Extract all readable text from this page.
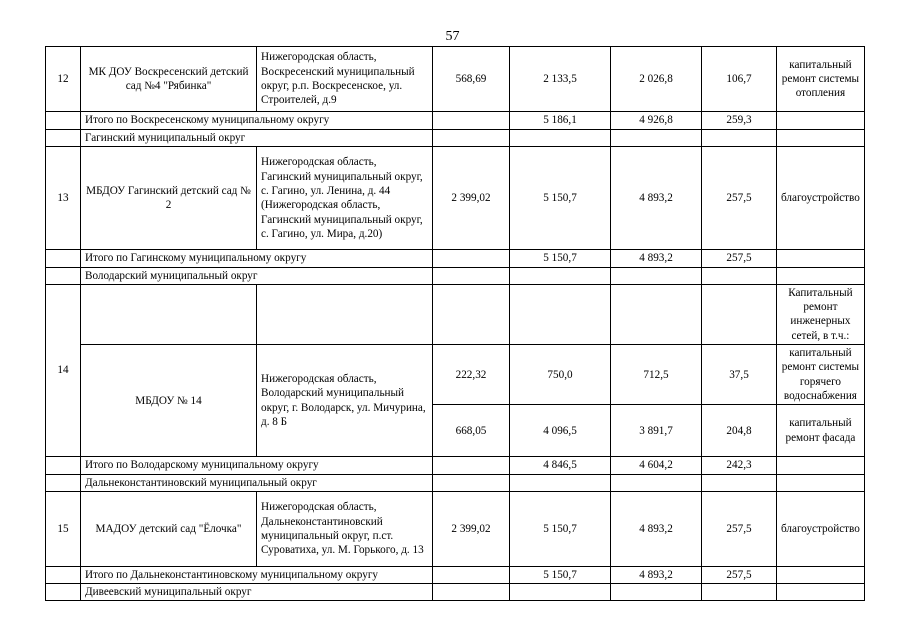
57
12	МК ДОУ Воскресенский детский сад №4 "Рябинка"	Нижегородская область, Воскресенский муниципальный округ, р.п. Воскресенское, ул. Строителей, д.9	568,69	2 133,5	2 026,8	106,7	капитальный ремонт системы отопления
	Итого по Воскресенскому муниципальному округу			5 186,1	4 926,8	259,3	
	Гагинский муниципальный округ						
13	МБДОУ Гагинский детский сад № 2	Нижегородская область, Гагинский муниципальный округ, с. Гагино, ул. Ленина, д. 44 (Нижегородская область, Гагинский муниципальный округ, с. Гагино, ул. Мира, д.20)	2 399,02	5 150,7	4 893,2	257,5	благоустройство
	Итого по Гагинскому муниципальному округу			5 150,7	4 893,2	257,5	
	Володарский муниципальный округ						
14							Капитальный ремонт инженерных сетей, в т.ч.:
	МБДОУ № 14	Нижегородская область, Володарский муниципальный округ, г. Володарск, ул. Мичурина, д. 8 Б	222,32	750,0	712,5	37,5	капитальный ремонт системы горячего водоснабжения
			668,05	4 096,5	3 891,7	204,8	капитальный ремонт фасада
	Итого по Володарскому муниципальному округу			4 846,5	4 604,2	242,3	
	Дальнеконстантиновский муниципальный округ						
15	МАДОУ детский сад "Ёлочка"	Нижегородская область, Дальнеконстантиновский муниципальный округ, п.ст. Суроватиха, ул. М. Горького, д. 13	2 399,02	5 150,7	4 893,2	257,5	благоустройство
	Итого по Дальнеконстантиновскому муниципальному округу			5 150,7	4 893,2	257,5	
	Дивеевский муниципальный округ						
